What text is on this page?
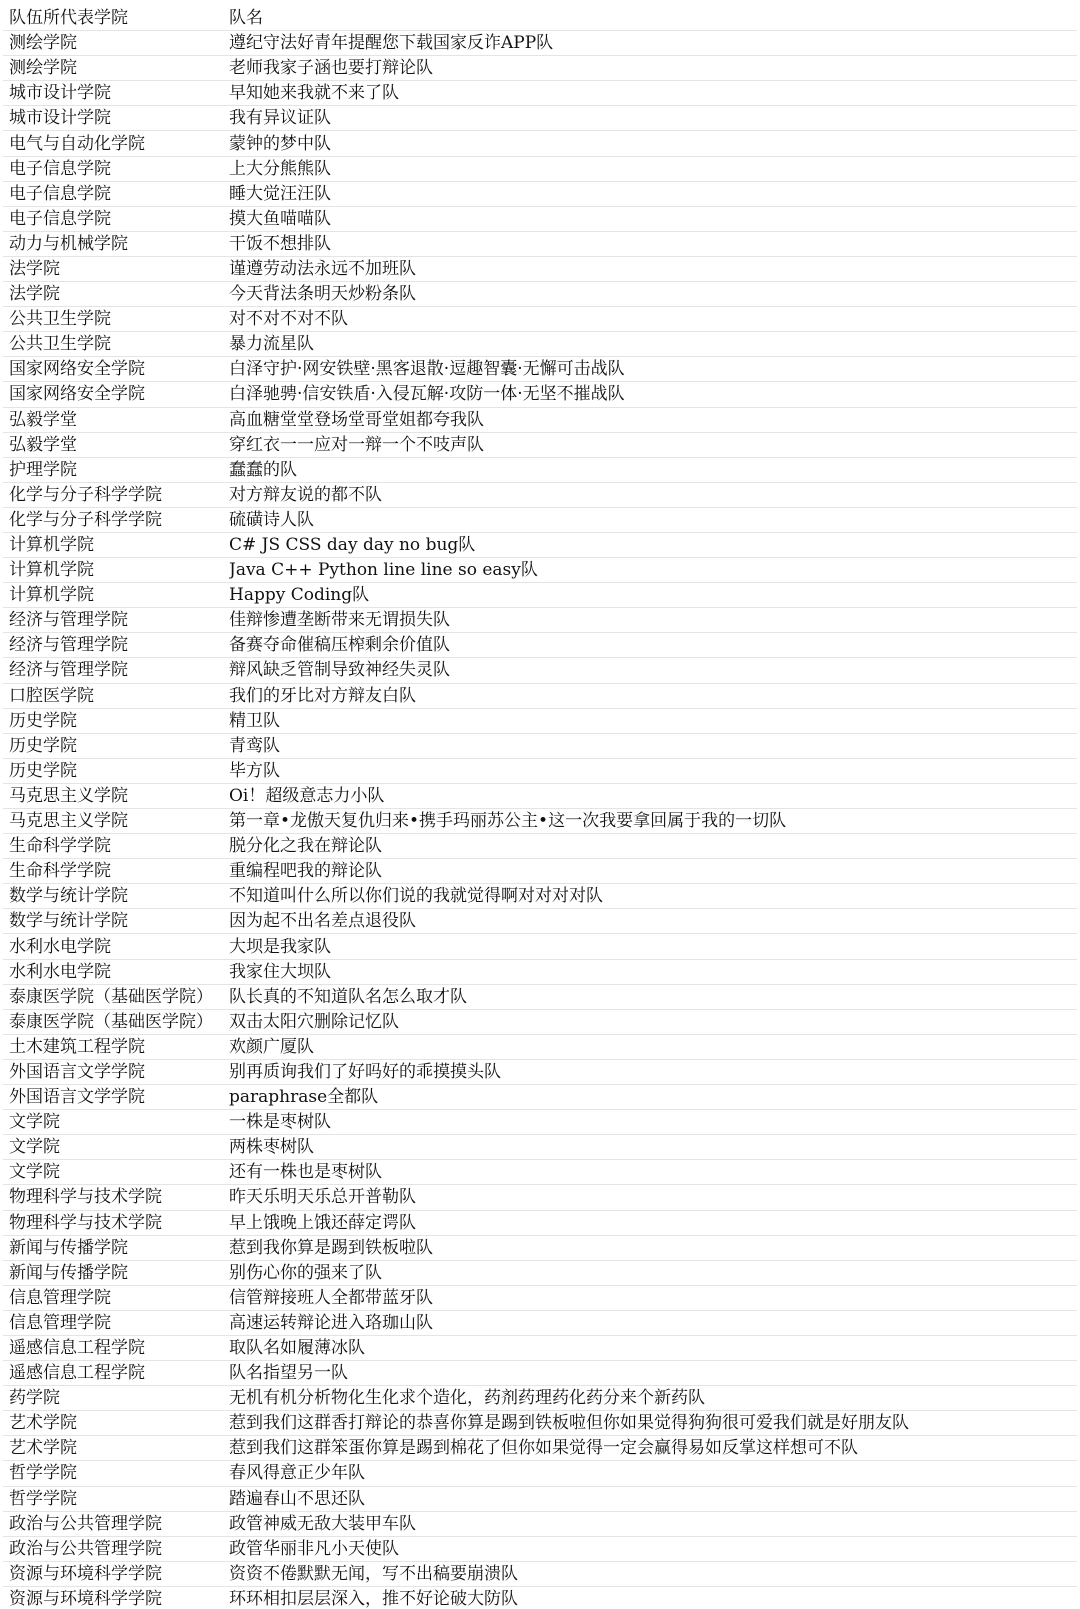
队伍所代表学院	队名
测绘学院	遵纪守法好青年提醒您下载国家反诈APP队
测绘学院	老师我家子涵也要打辩论队
城市设计学院	早知她来我就不来了队
城市设计学院	我有异议证队
电气与自动化学院	蒙钟的梦中队
电子信息学院	上大分熊熊队
电子信息学院	睡大觉汪汪队
电子信息学院	摸大鱼喵喵队
动力与机械学院	干饭不想排队
法学院	谨遵劳动法永远不加班队
法学院	今天背法条明天炒粉条队
公共卫生学院	对不对不对不队
公共卫生学院	暴力流星队
国家网络安全学院	白泽守护·网安铁壁·黑客退散·逗趣智囊·无懈可击战队
国家网络安全学院	白泽驰骋·信安铁盾·入侵瓦解·攻防一体·无坚不摧战队
弘毅学堂	高血糖堂堂登场堂哥堂姐都夸我队
弘毅学堂	穿红衣一一应对一辩一个不吱声队
护理学院	蠢蠢的队
化学与分子科学学院	对方辩友说的都不队
化学与分子科学学院	硫磺诗人队
计算机学院	C# JS CSS day day no bug队
计算机学院	Java C++ Python line line so easy队
计算机学院	Happy Coding队
经济与管理学院	佳辩惨遭垄断带来无谓损失队
经济与管理学院	备赛夺命催稿压榨剩余价值队
经济与管理学院	辩风缺乏管制导致神经失灵队
口腔医学院	我们的牙比对方辩友白队
历史学院	精卫队
历史学院	青鸾队
历史学院	毕方队
马克思主义学院	Oi！超级意志力小队
马克思主义学院	第一章•龙傲天复仇归来•携手玛丽苏公主•这一次我要拿回属于我的一切队
生命科学学院	脱分化之我在辩论队
生命科学学院	重编程吧我的辩论队
数学与统计学院	不知道叫什么所以你们说的我就觉得啊对对对对队
数学与统计学院	因为起不出名差点退役队
水利水电学院	大坝是我家队
水利水电学院	我家住大坝队
泰康医学院（基础医学院） 队长真的不知道队名怎么取才队
泰康医学院（基础医学院） 双击太阳穴删除记忆队
土木建筑工程学院	欢颜广厦队
外国语言文学学院	别再质询我们了好吗好的乖摸摸头队
外国语言文学学院	paraphrase全都队
文学院	一株是枣树队
文学院	两株枣树队
文学院	还有一株也是枣树队
物理科学与技术学院	昨天乐明天乐总开普勒队
物理科学与技术学院	早上饿晚上饿还薛定谔队
新闻与传播学院	惹到我你算是踢到铁板啦队
新闻与传播学院	别伤心你的强来了队
信息管理学院	信管辩接班人全都带蓝牙队
信息管理学院	高速运转辩论进入珞珈山队
遥感信息工程学院	取队名如履薄冰队
遥感信息工程学院	队名指望另一队
药学院	无机有机分析物化生化求个造化，药剂药理药化药分来个新药队
艺术学院	惹到我们这群香打辩论的恭喜你算是踢到铁板啦但你如果觉得狗狗很可爱我们就是好朋友队
艺术学院	惹到我们这群笨蛋你算是踢到棉花了但你如果觉得一定会赢得易如反掌这样想可不队
哲学学院	春风得意正少年队
哲学学院	踏遍春山不思还队
政治与公共管理学院	政管神威无敌大装甲车队
政治与公共管理学院	政管华丽非凡小天使队
资源与环境科学学院	资资不倦默默无闻，写不出稿要崩溃队
资源与环境科学学院	环环相扣层层深入，推不好论破大防队
